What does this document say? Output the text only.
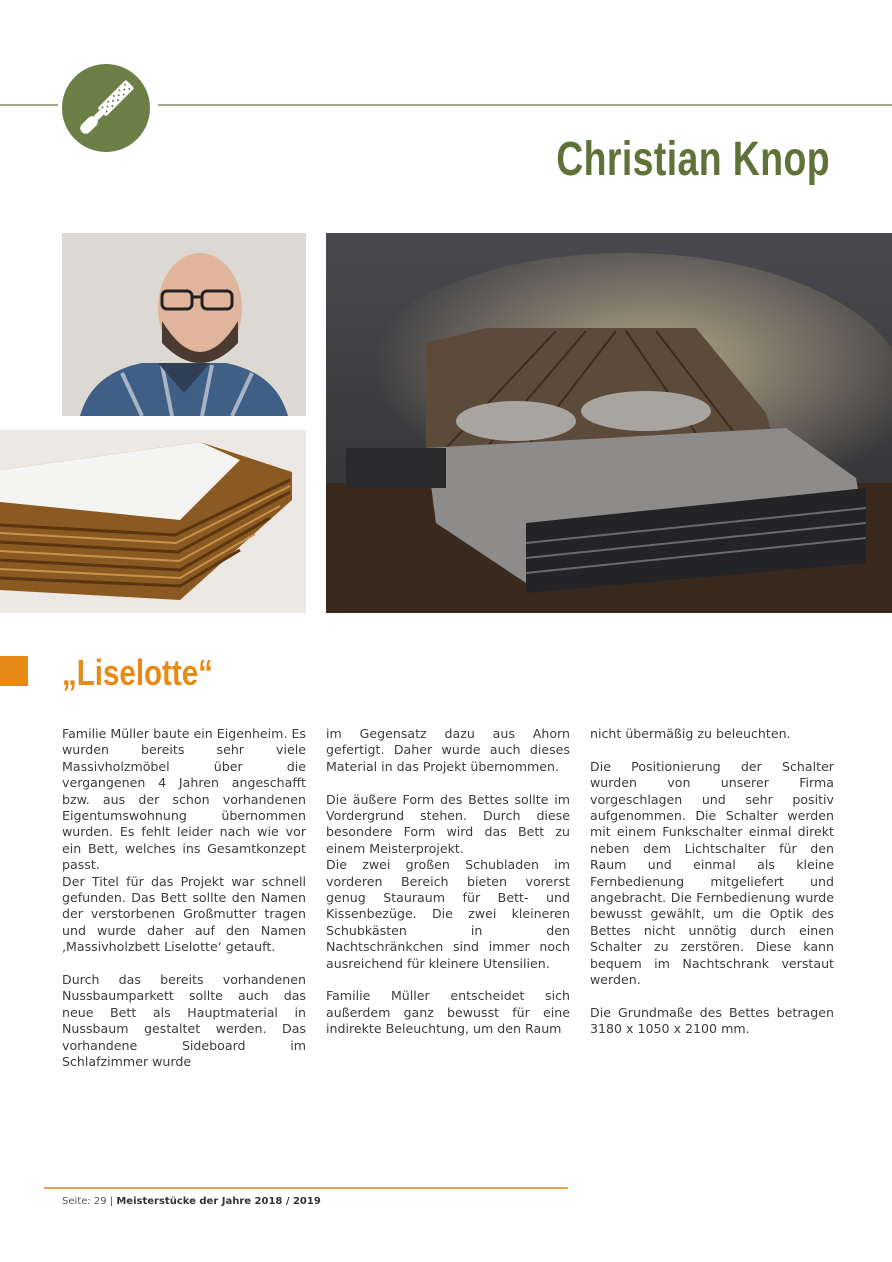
Christian Knop
„Liselotte“

Familie Müller baute ein Eigenheim. Es wurden bereits sehr viele Massivholzmöbel über die vergangenen 4 Jahren angeschafft bzw. aus der schon vorhandenen Eigentumswohnung übernommen wurden. Es fehlt leider nach wie vor ein Bett, welches ins Gesamtkonzept passt.

Der Titel für das Projekt war schnell gefunden. Das Bett sollte den Namen der verstorbenen Großmutter tragen und wurde daher auf den Namen ‚Massivholzbett Liselotte‘ getauft.

Durch das bereits vorhandenen Nussbaumparkett sollte auch das neue Bett als Hauptmaterial in Nussbaum gestaltet werden. Das vorhandene Sideboard im Schlafzimmer wurde

im Gegensatz dazu aus Ahorn gefertigt. Daher wurde auch dieses Material in das Projekt übernommen.

Die äußere Form des Bettes sollte im Vordergrund stehen. Durch diese besondere Form wird das Bett zu einem Meisterprojekt.

Die zwei großen Schubladen im vorderen Bereich bieten vorerst genug Stauraum für Bett- und Kissenbezüge. Die zwei kleineren Schubkästen in den Nachtschränkchen sind immer noch ausreichend für kleinere Utensilien.

Familie Müller entscheidet sich außerdem ganz bewusst für eine indirekte Beleuchtung, um den Raum

nicht übermäßig zu beleuchten.

Die Positionierung der Schalter wurden von unserer Firma vorgeschlagen und sehr positiv aufgenommen. Die Schalter werden mit einem Funkschalter einmal direkt neben dem Lichtschalter für den Raum und einmal als kleine Fernbedienung mitgeliefert und angebracht. Die Fernbedienung wurde bewusst gewählt, um die Optik des Bettes nicht unnötig durch einen Schalter zu zerstören. Diese kann bequem im Nachtschrank verstaut werden.

Die Grundmaße des Bettes betragen 3180 x 1050 x 2100 mm.

Seite: 29 | Meisterstücke der Jahre 2018 / 2019
